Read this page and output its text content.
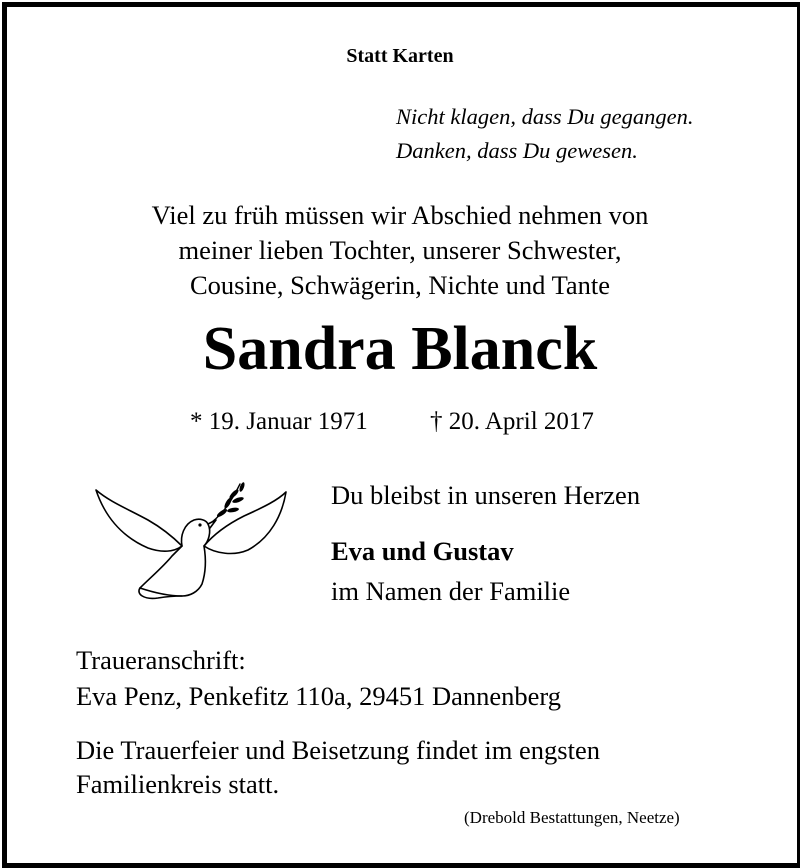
Statt Karten
Nicht klagen, dass Du gegangen.
Danken, dass Du gewesen.
Viel zu früh müssen wir Abschied nehmen von
meiner lieben Tochter, unserer Schwester,
Cousine, Schwägerin, Nichte und Tante
Sandra Blanck
* 19. Januar 1971 † 20. April 2017
Du bleibst in unseren Herzen
Eva und Gustav
im Namen der Familie
Traueranschrift:
Eva Penz, Penkefitz 110a, 29451 Dannenberg
Die Trauerfeier und Beisetzung findet im engsten
Familienkreis statt.
(Drebold Bestattungen, Neetze)
